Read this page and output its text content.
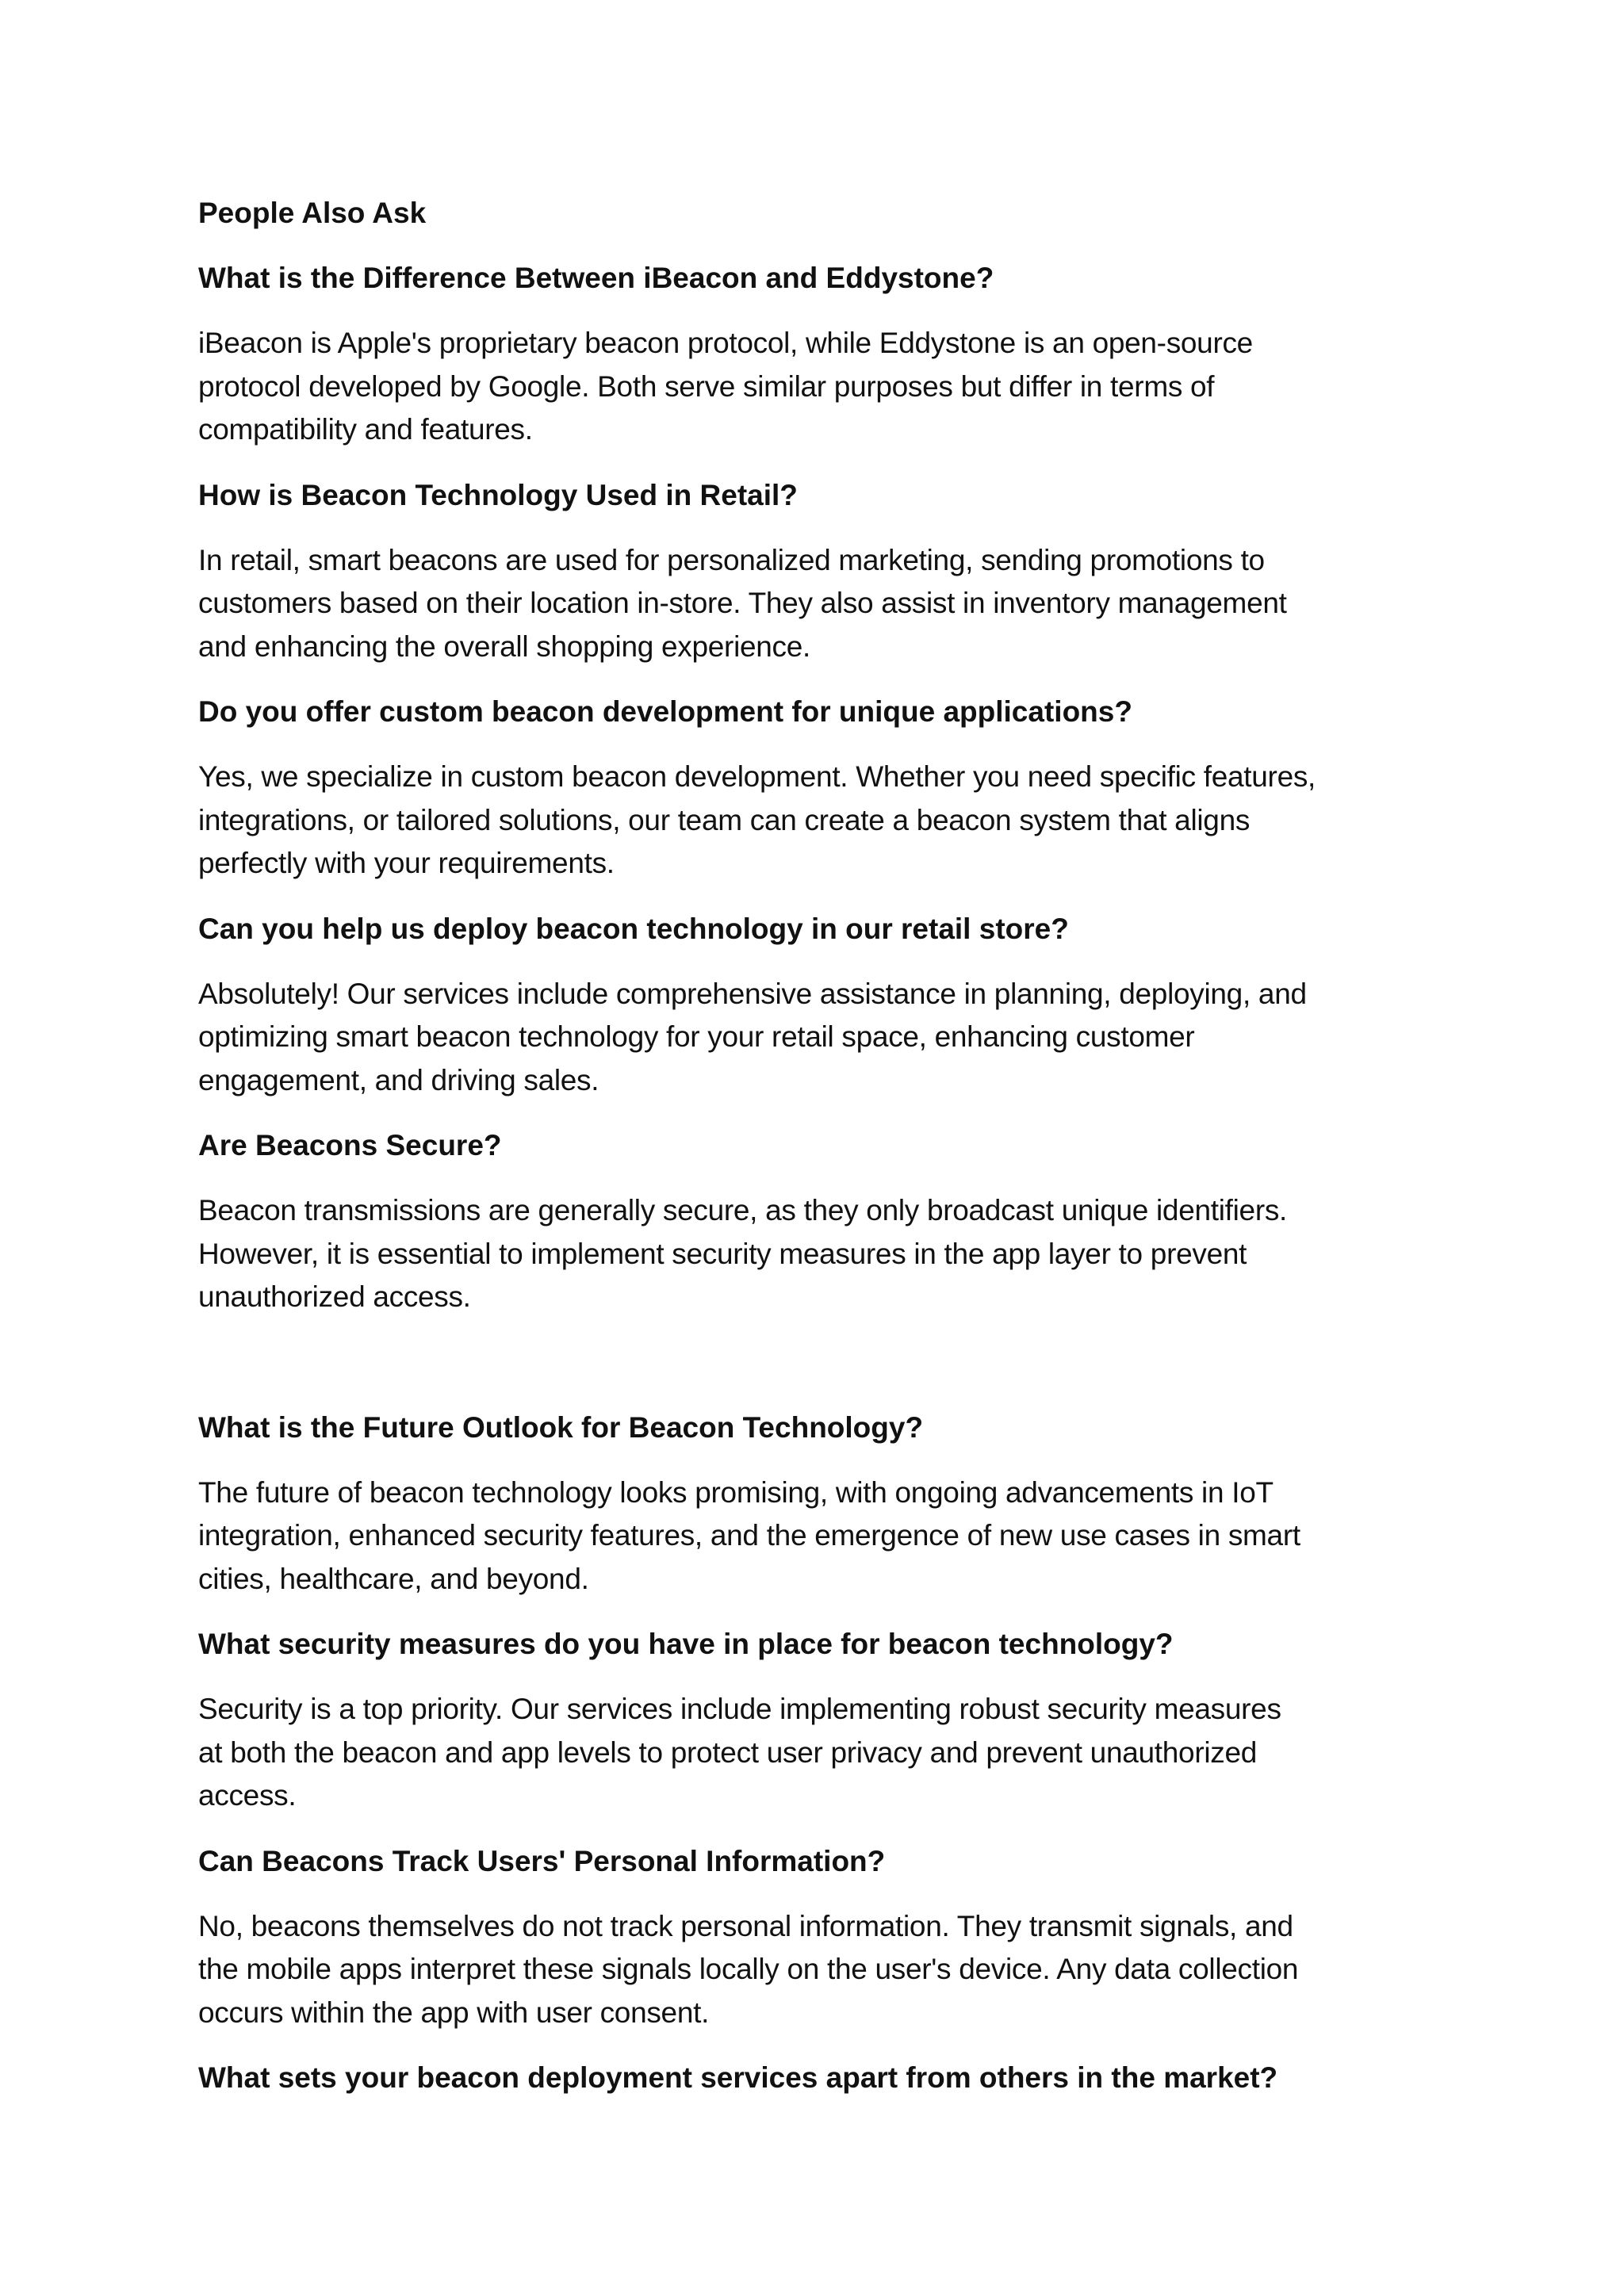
People Also Ask
What is the Difference Between iBeacon and Eddystone?
iBeacon is Apple's proprietary beacon protocol, while Eddystone is an open-source
protocol developed by Google. Both serve similar purposes but differ in terms of
compatibility and features.
How is Beacon Technology Used in Retail?
In retail, smart beacons are used for personalized marketing, sending promotions to
customers based on their location in-store. They also assist in inventory management
and enhancing the overall shopping experience.
Do you offer custom beacon development for unique applications?
Yes, we specialize in custom beacon development. Whether you need specific features,
integrations, or tailored solutions, our team can create a beacon system that aligns
perfectly with your requirements.
Can you help us deploy beacon technology in our retail store?
Absolutely! Our services include comprehensive assistance in planning, deploying, and
optimizing smart beacon technology for your retail space, enhancing customer
engagement, and driving sales.
Are Beacons Secure?
Beacon transmissions are generally secure, as they only broadcast unique identifiers.
However, it is essential to implement security measures in the app layer to prevent
unauthorized access.
What is the Future Outlook for Beacon Technology?
The future of beacon technology looks promising, with ongoing advancements in IoT
integration, enhanced security features, and the emergence of new use cases in smart
cities, healthcare, and beyond.
What security measures do you have in place for beacon technology?
Security is a top priority. Our services include implementing robust security measures
at both the beacon and app levels to protect user privacy and prevent unauthorized
access.
Can Beacons Track Users' Personal Information?
No, beacons themselves do not track personal information. They transmit signals, and
the mobile apps interpret these signals locally on the user's device. Any data collection
occurs within the app with user consent.
What sets your beacon deployment services apart from others in the market?
